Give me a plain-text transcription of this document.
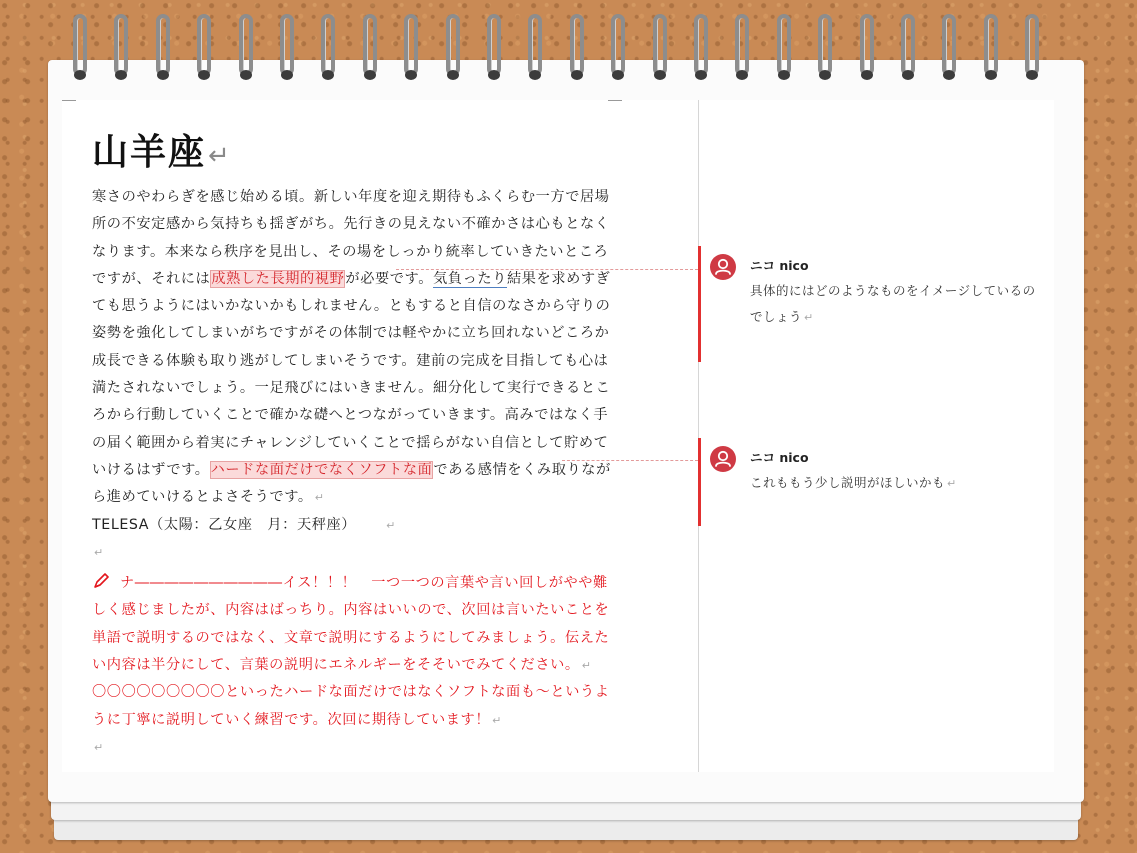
山羊座↵

寒さのやわらぎを感じ始める頃。新しい年度を迎え期待もふくらむ一方で居場所の不安定感から気持ちも揺ぎがち。先行きの見えない不確かさは心もとなくなります。本来なら秩序を見出し、その場をしっかり統率していきたいところですが、それには成熟した長期的視野が必要です。気負ったり結果を求めすぎても思うようにはいかないかもしれません。ともすると自信のなさから守りの姿勢を強化してしまいがちですがその体制では軽やかに立ち回れないどころか成長できる体験も取り逃がしてしまいそうです。建前の完成を目指しても心は満たされないでしょう。一足飛びにはいきません。細分化して実行できるところから行動していくことで確かな礎へとつながっていきます。高みではなく手の届く範囲から着実にチャレンジしていくことで揺らがない自信として貯めていけるはずです。ハードな面だけでなくソフトな面である感情をくみ取りながら進めていけるとよさそうです。 ↵

TELESA（太陽：乙女座　月：天秤座）	↵

↵

ナ――――――――――イス！！！　一つ一つの言葉や言い回しがやや難しく感じましたが、内容はばっちり。内容はいいので、次回は言いたいことを単語で説明するのではなく、文章で説明にするようにしてみましょう。伝えたい内容は半分にして、言葉の説明にエネルギーをそそいでみてください。 ↵

〇〇〇〇〇〇〇〇〇といったハードな面だけではなくソフトな面も～というように丁寧に説明していく練習です。次回に期待しています！ ↵

↵

ニコ nico
具体的にはどのようなものをイメージしているのでしょう ↵
ニコ nico
これももう少し説明がほしいかも ↵
